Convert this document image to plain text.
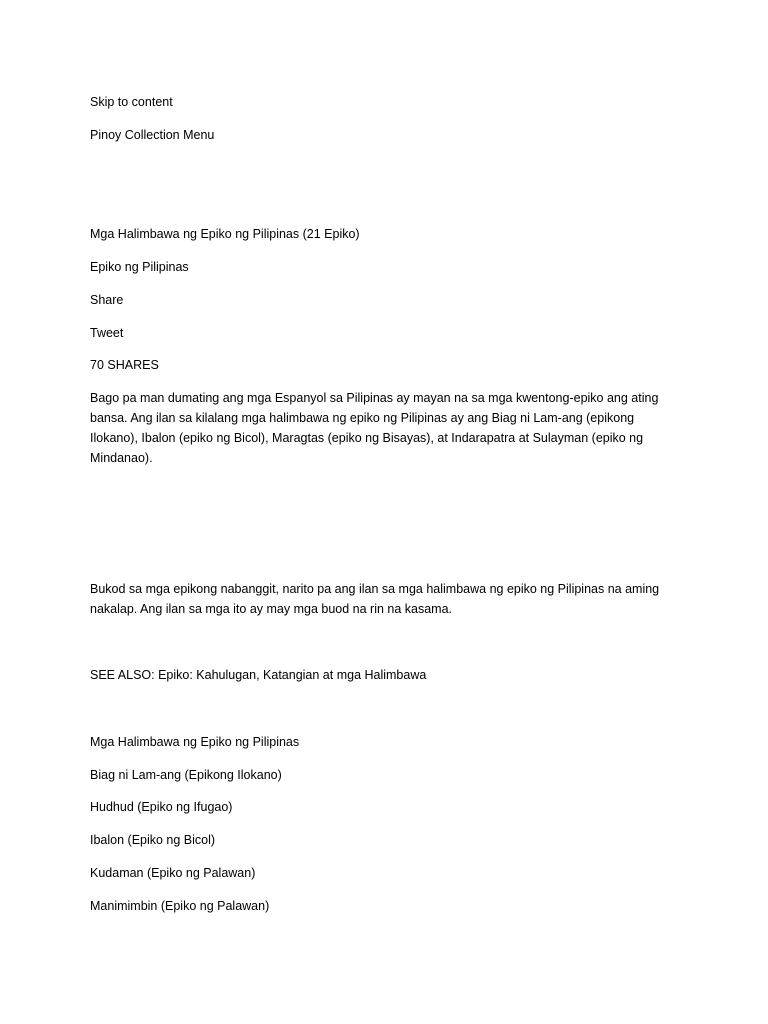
Skip to content
Pinoy Collection Menu
Mga Halimbawa ng Epiko ng Pilipinas (21 Epiko)
Epiko ng Pilipinas
Share
Tweet
70 SHARES

Bago pa man dumating ang mga Espanyol sa Pilipinas ay mayan na sa mga kwentong-epiko ang ating bansa. Ang ilan sa kilalang mga halimbawa ng epiko ng Pilipinas ay ang Biag ni Lam-ang (epikong Ilokano), Ibalon (epiko ng Bicol), Maragtas (epiko ng Bisayas), at Indarapatra at Sulayman (epiko ng Mindanao).

Bukod sa mga epikong nabanggit, narito pa ang ilan sa mga halimbawa ng epiko ng Pilipinas na aming nakalap. Ang ilan sa mga ito ay may mga buod na rin na kasama.

SEE ALSO: Epiko: Kahulugan, Katangian at mga Halimbawa
Mga Halimbawa ng Epiko ng Pilipinas
Biag ni Lam-ang (Epikong Ilokano)
Hudhud (Epiko ng Ifugao)
Ibalon (Epiko ng Bicol)
Kudaman (Epiko ng Palawan)
Manimimbin (Epiko ng Palawan)
